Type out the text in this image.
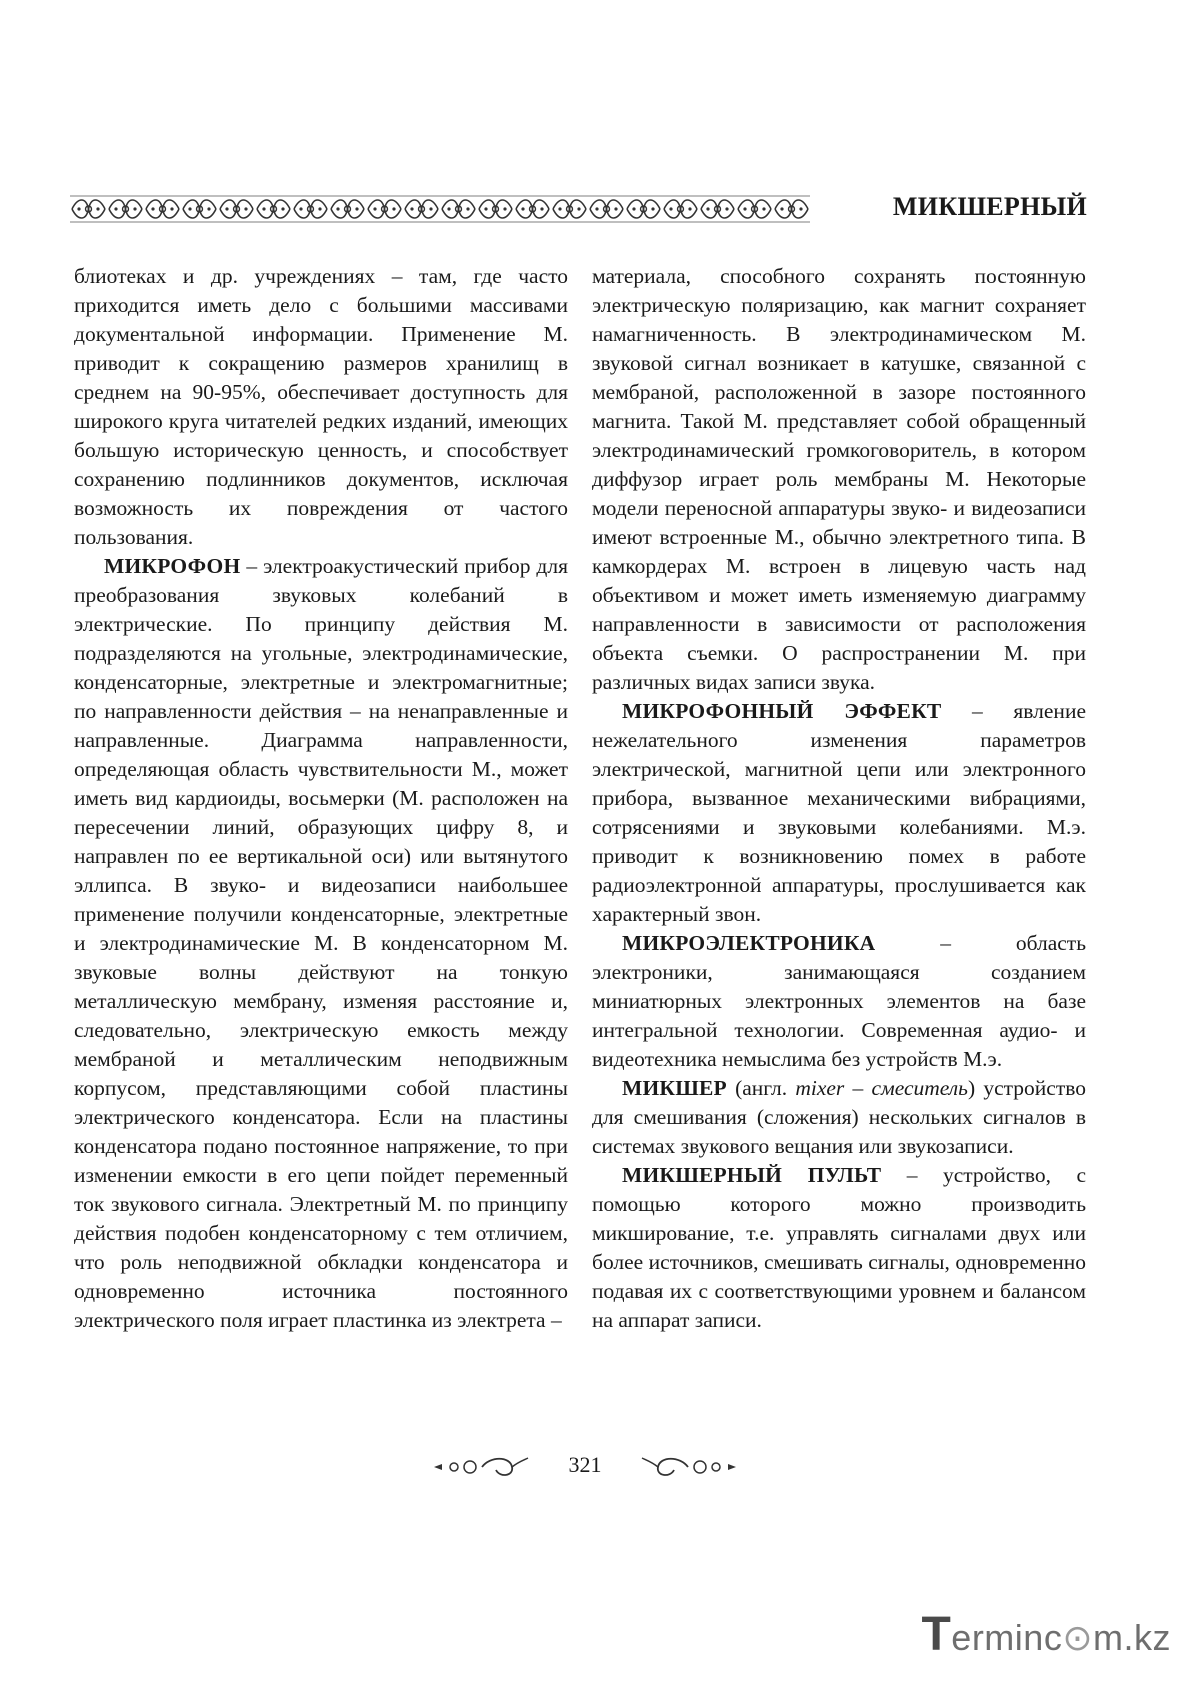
МИКШЕРНЫЙ

блиотеках и др. учреждениях – там, где часто приходится иметь дело с большими массивами документальной информации. Применение М. приводит к сокращению размеров хранилищ в среднем на 90-95%, обеспечивает доступность для широкого круга читателей редких изданий, имеющих большую историческую ценность, и способствует сохранению подлинников документов, исключая возможность их повреждения от частого пользования.

МИКРОФОН – электроакустический прибор для преобразования звуковых колебаний в электрические. По принципу действия М. подразделяются на угольные, электродинамические, конденсаторные, электретные и электромагнитные; по направленности действия – на ненаправленные и направленные. Диаграмма направленности, определяющая область чувствительности М., может иметь вид кардиоиды, восьмерки (М. расположен на пересечении линий, образующих цифру 8, и направлен по ее вертикальной оси) или вытянутого эллипса. В звуко- и видеозаписи наибольшее применение получили конденсаторные, электретные и электродинамические М. В конденсаторном М. звуковые волны действуют на тонкую металлическую мембрану, изменяя расстояние и, следовательно, электрическую емкость между мембраной и металлическим неподвижным корпусом, представляющими собой пластины электрического конденсатора. Если на пластины конденсатора подано постоянное напряжение, то при изменении емкости в его цепи пойдет переменный ток звукового сигнала. Электретный М. по принципу действия подобен конденсаторному с тем отличием, что роль неподвижной обкладки конденсатора и одновременно источника постоянного электрического поля играет пластинка из электрета –

материала, способного сохранять постоянную электрическую поляризацию, как магнит сохраняет намагниченность. В электродинамическом М. звуковой сигнал возникает в катушке, связанной с мембраной, расположенной в зазоре постоянного магнита. Такой М. представляет собой обращенный электродинамический громкоговоритель, в котором диффузор играет роль мембраны М. Некоторые модели переносной аппаратуры звуко- и видеозаписи имеют встроенные М., обычно электретного типа. В камкордерах М. встроен в лицевую часть над объективом и может иметь изменяемую диаграмму направленности в зависимости от расположения объекта съемки. О распространении М. при различных видах записи звука.

МИКРОФОННЫЙ ЭФФЕКТ – явление нежелательного изменения параметров электрической, магнитной цепи или электронного прибора, вызванное механическими вибрациями, сотрясениями и звуковыми колебаниями. М.э. приводит к возникновению помех в работе радиоэлектронной аппаратуры, прослушивается как характерный звон.

МИКРОЭЛЕКТРОНИКА – область электроники, занимающаяся созданием миниатюрных электронных элементов на базе интегральной технологии. Современная аудио- и видеотехника немыслима без устройств М.э.

МИКШЕР (англ. mixer – смеситель) устройство для смешивания (сложения) нескольких сигналов в системах звукового вещания или звукозаписи.

МИКШЕРНЫЙ ПУЛЬТ – устройство, с помощью которого можно производить микширование, т.е. управлять сигналами двух или более источников, смешивать сигналы, одновременно подавая их с соответствующими уровнем и балансом на аппарат записи.

321
Terminc⊙m.kz
